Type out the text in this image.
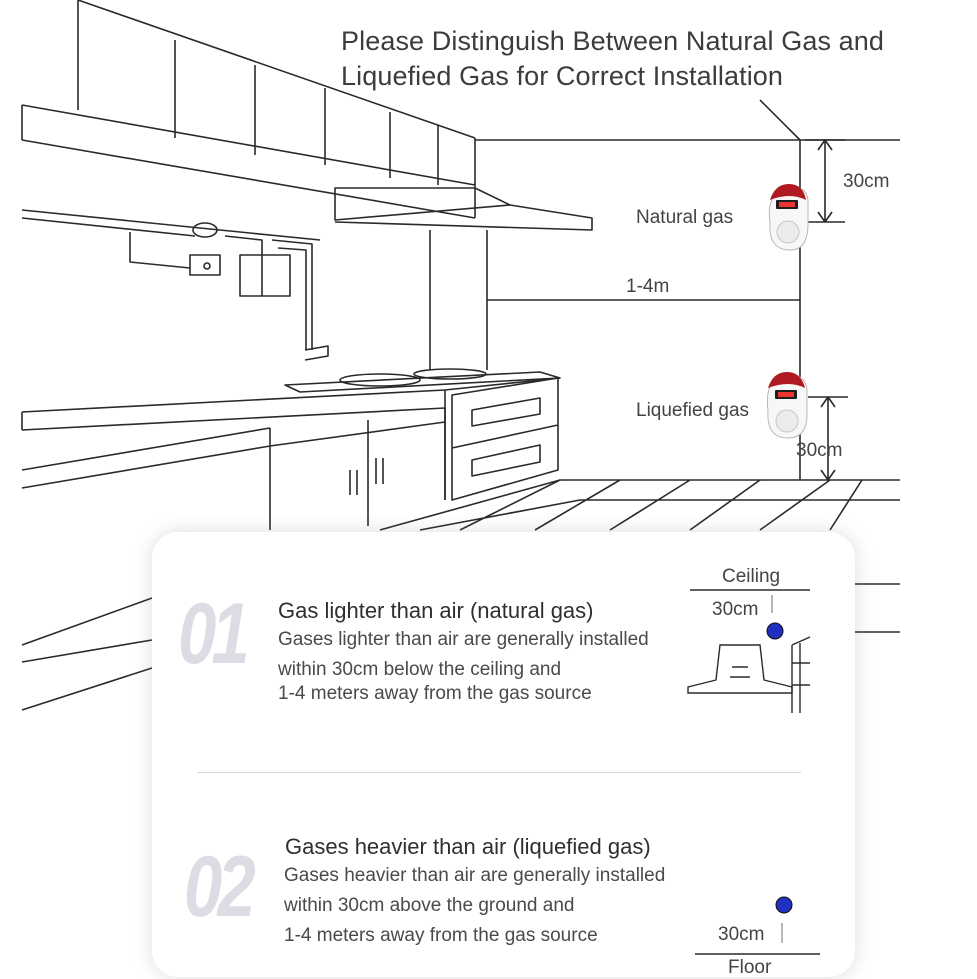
Please Distinguish Between Natural Gas and
Liquefied Gas for Correct Installation
Natural gas
Liquefied gas
30cm
30cm
1-4m
01 Gas lighter than air (natural gas)
Gases lighter than air are generally installed
within 30cm below the ceiling and
1-4 meters away from the gas source
Ceiling
30cm
02 Gases heavier than air (liquefied gas)
Gases heavier than air are generally installed
within 30cm above the ground and
1-4 meters away from the gas source	30cm
Floor
